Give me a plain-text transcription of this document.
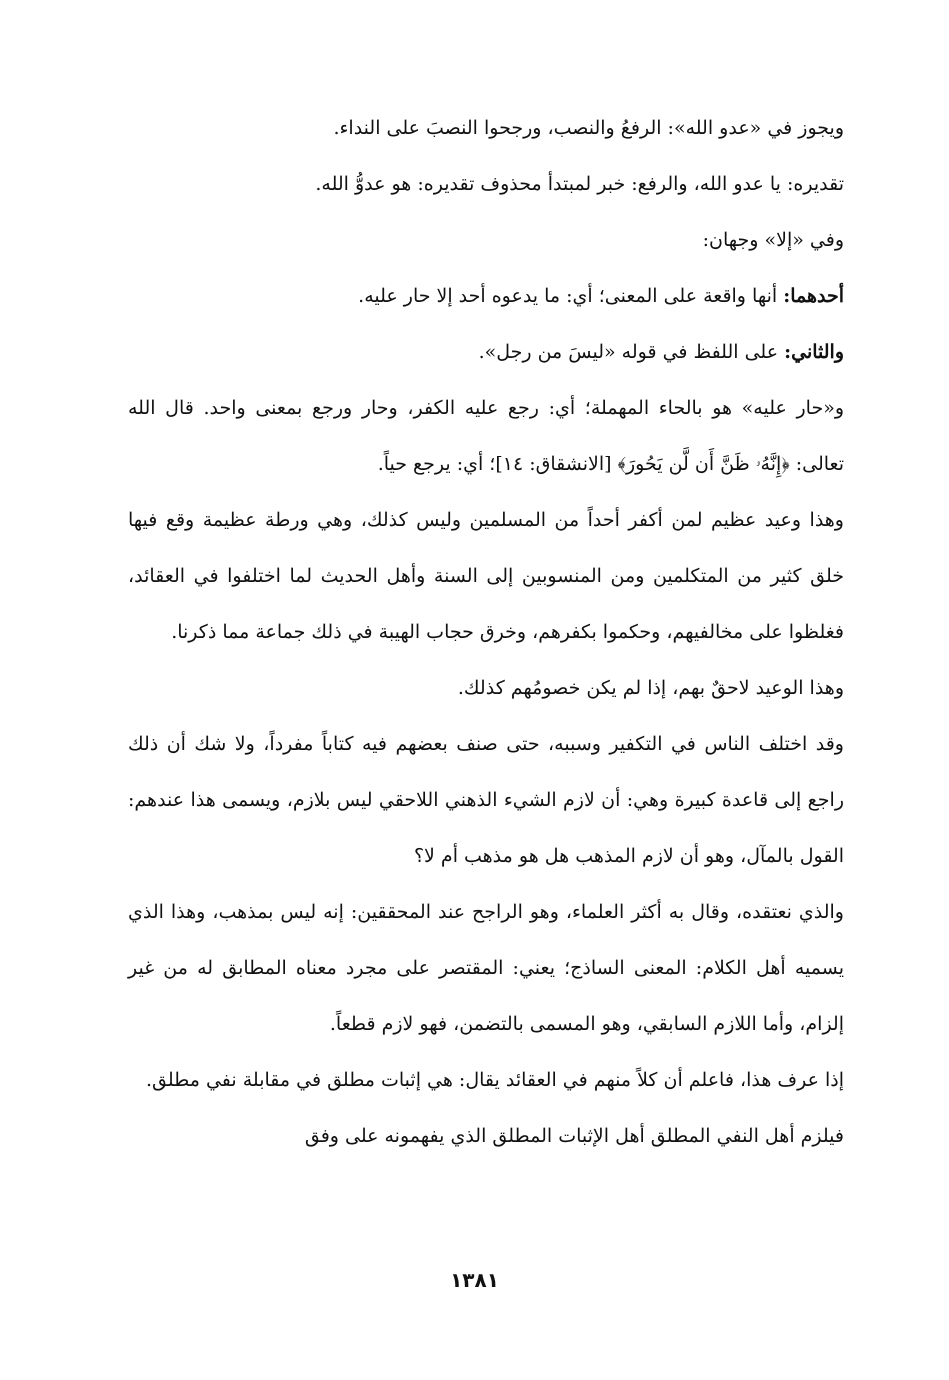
ويجوز في «عدو الله»: الرفعُ والنصب، ورجحوا النصبَ على النداء.

تقديره: يا عدو الله، والرفع: خبر لمبتدأ محذوف تقديره: هو عدوُّ الله.

وفي «إلا» وجهان:

أحدهما: أنها واقعة على المعنى؛ أي: ما يدعوه أحد إلا حار عليه.

والثاني: على اللفظ في قوله «ليسَ من رجل».

و«حار عليه» هو بالحاء المهملة؛ أي: رجع عليه الكفر، وحار ورجع بمعنى واحد. قال الله تعالى: ﴿إِنَّهُۥ ظَنَّ أَن لَّن يَحُورَ﴾ [الانشقاق: ١٤]؛ أي: يرجع حياً.

وهذا وعيد عظيم لمن أكفر أحداً من المسلمين وليس كذلك، وهي ورطة عظيمة وقع فيها خلق كثير من المتكلمين ومن المنسوبين إلى السنة وأهل الحديث لما اختلفوا في العقائد، فغلظوا على مخالفيهم، وحكموا بكفرهم، وخرق حجاب الهيبة في ذلك جماعة مما ذكرنا.

وهذا الوعيد لاحقٌ بهم، إذا لم يكن خصومُهم كذلك.

وقد اختلف الناس في التكفير وسببه، حتى صنف بعضهم فيه كتاباً مفرداً، ولا شك أن ذلك راجع إلى قاعدة كبيرة وهي: أن لازم الشيء الذهني اللاحقي ليس بلازم، ويسمى هذا عندهم: القول بالمآل، وهو أن لازم المذهب هل هو مذهب أم لا؟

والذي نعتقده، وقال به أكثر العلماء، وهو الراجح عند المحققين: إنه ليس بمذهب، وهذا الذي يسميه أهل الكلام: المعنى الساذج؛ يعني: المقتصر على مجرد معناه المطابق له من غير إلزام، وأما اللازم السابقي، وهو المسمى بالتضمن، فهو لازم قطعاً.

إذا عرف هذا، فاعلم أن كلاً منهم في العقائد يقال: هي إثبات مطلق في مقابلة نفي مطلق.

فيلزم أهل النفي المطلق أهل الإثبات المطلق الذي يفهمونه على وفق

١٣٨١
